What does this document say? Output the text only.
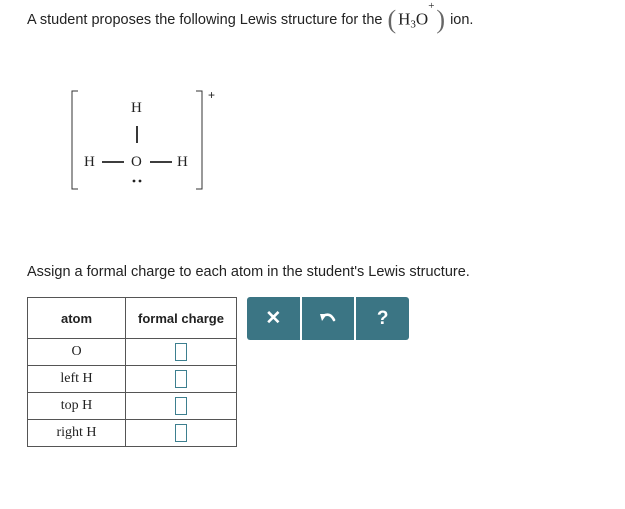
A student proposes the following Lewis structure for the ( $H_3O^+$ ) ion.
H
H O H
+
Assign a formal charge to each atom in the student's Lewis structure.
atom	formal charge
O	
left H	
top H	
right H	
✕	?
